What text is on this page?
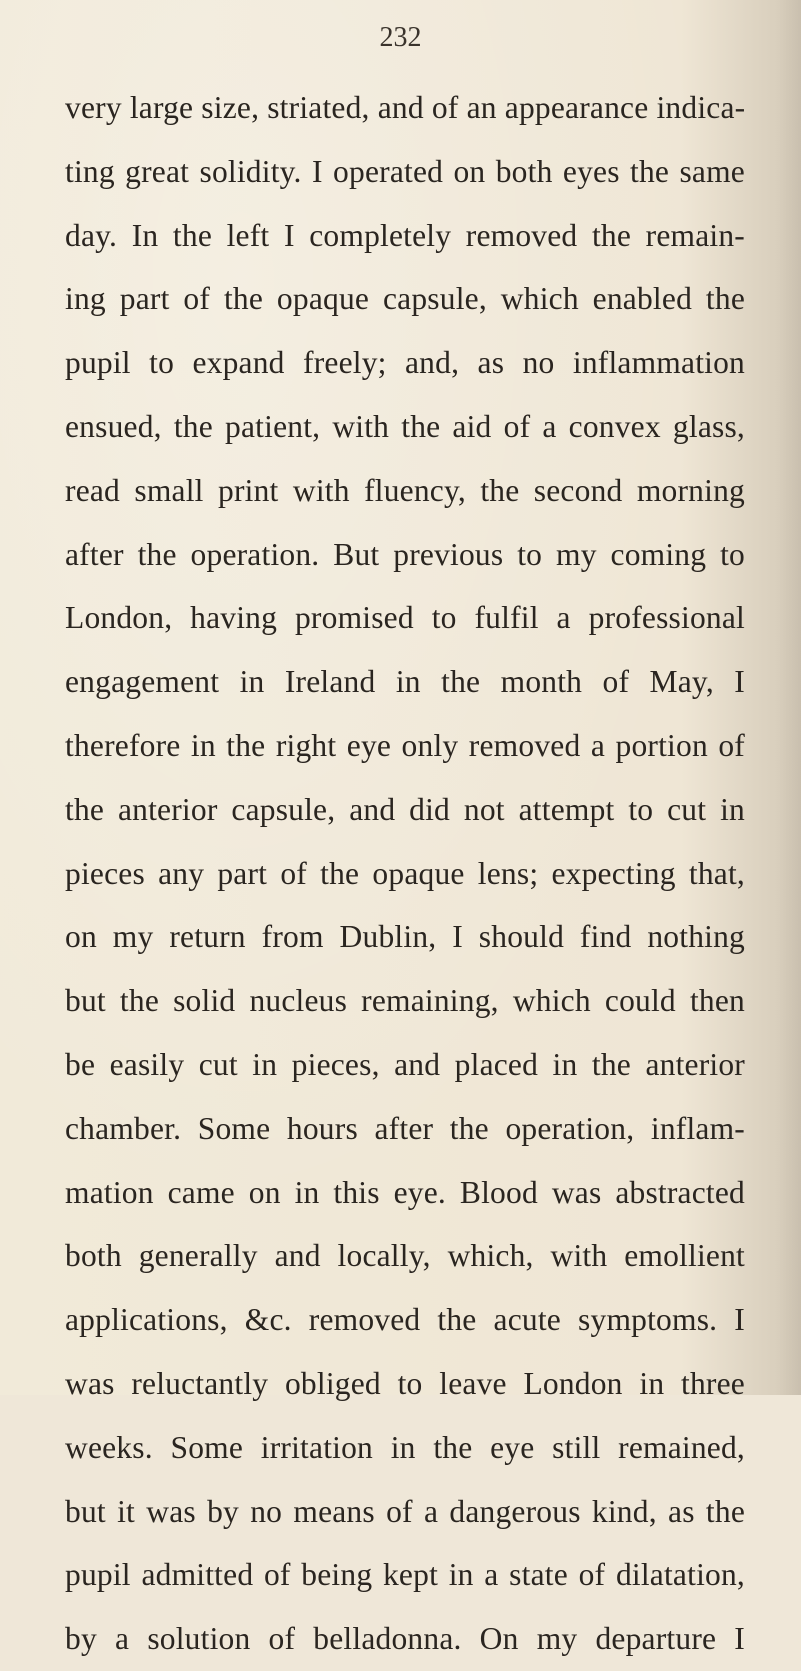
232
very large size, striated, and of an appearance indica-
ting great solidity. I operated on both eyes the same
day. In the left I completely removed the remain-
ing part of the opaque capsule, which enabled the
pupil to expand freely; and, as no inflammation
ensued, the patient, with the aid of a convex glass,
read small print with fluency, the second morning
after the operation. But previous to my coming to
London, having promised to fulfil a professional
engagement in Ireland in the month of May, I
therefore in the right eye only removed a portion of
the anterior capsule, and did not attempt to cut in
pieces any part of the opaque lens; expecting that,
on my return from Dublin, I should find nothing
but the solid nucleus remaining, which could then
be easily cut in pieces, and placed in the anterior
chamber. Some hours after the operation, inflam-
mation came on in this eye. Blood was abstracted
both generally and locally, which, with emollient
applications, &c. removed the acute symptoms. I
was reluctantly obliged to leave London in three
weeks. Some irritation in the eye still remained,
but it was by no means of a dangerous kind, as the
pupil admitted of being kept in a state of dilatation,
by a solution of belladonna. On my departure I
